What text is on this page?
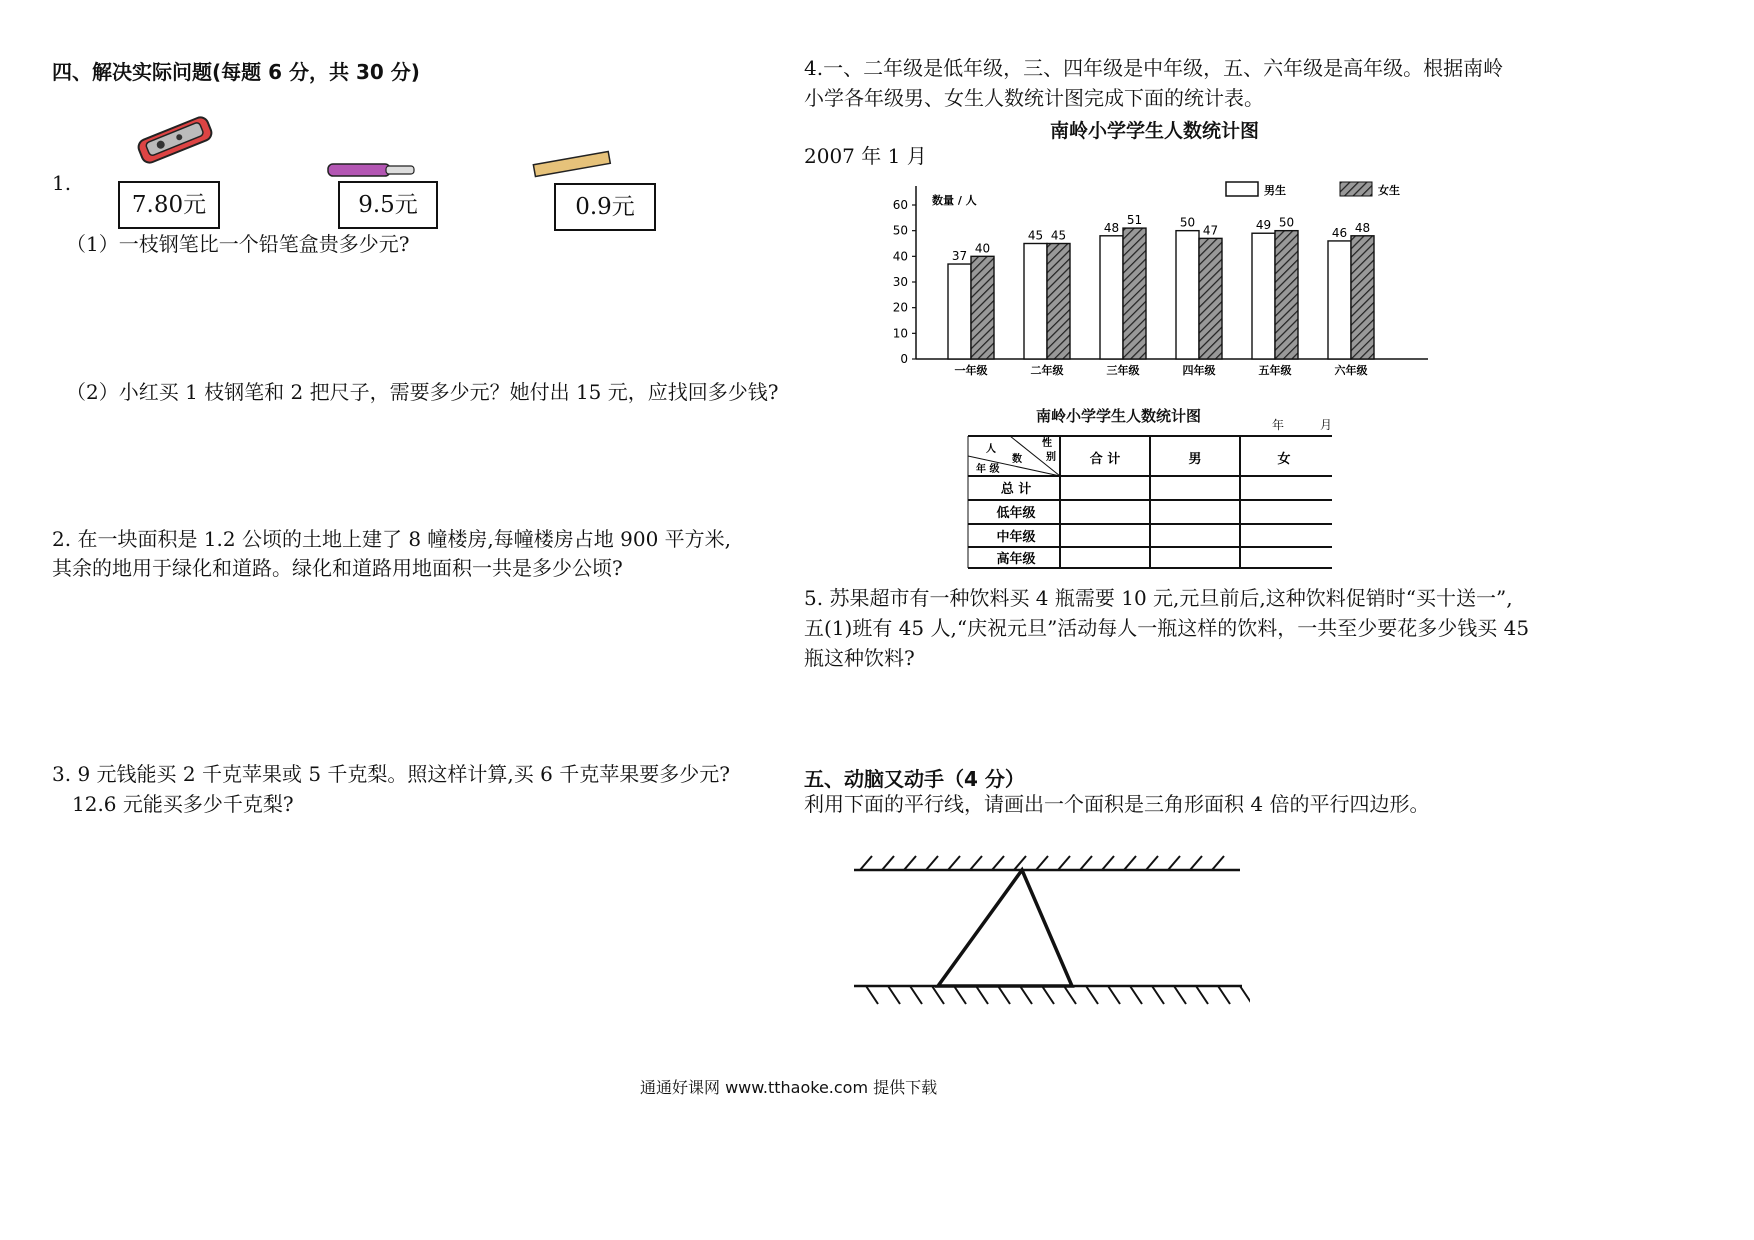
四、解决实际问题(每题 6 分，共 30 分)
1.
7.80元	9.5元	0.9元
（1）一枝钢笔比一个铅笔盒贵多少元?
（2）小红买 1 枝钢笔和 2 把尺子，需要多少元？她付出 15 元，应找回多少钱?
2. 在一块面积是 1.2 公顷的土地上建了 8 幢楼房,每幢楼房占地 900 平方米,
其余的地用于绿化和道路。绿化和道路用地面积一共是多少公顷?
3. 9 元钱能买 2 千克苹果或 5 千克梨。照这样计算,买 6 千克苹果要多少元?
12.6 元能买多少千克梨?
4.一、二年级是低年级，三、四年级是中年级，五、六年级是高年级。根据南岭
小学各年级男、女生人数统计图完成下面的统计表。
南岭小学学生人数统计图
2007 年 1 月
数量 / 人
0
10
20
30
40
50
60
37
40
45 45
48
51	50
47	49 50
46 48
一年级	二年级	三年级	四年级	五年级	六年级
男生	女生
南岭小学学生人数统计图	年	月
人
性
数 别
年 级
合 计	男	女
总 计
低年级
中年级
高年级
5. 苏果超市有一种饮料买 4 瓶需要 10 元,元旦前后,这种饮料促销时“买十送一”,
五(1)班有 45 人,“庆祝元旦”活动每人一瓶这样的饮料，一共至少要花多少钱买 45
瓶这种饮料?
五、动脑又动手（4 分）
利用下面的平行线，请画出一个面积是三角形面积 4 倍的平行四边形。
通通好课网 www.tthaoke.com 提供下载
